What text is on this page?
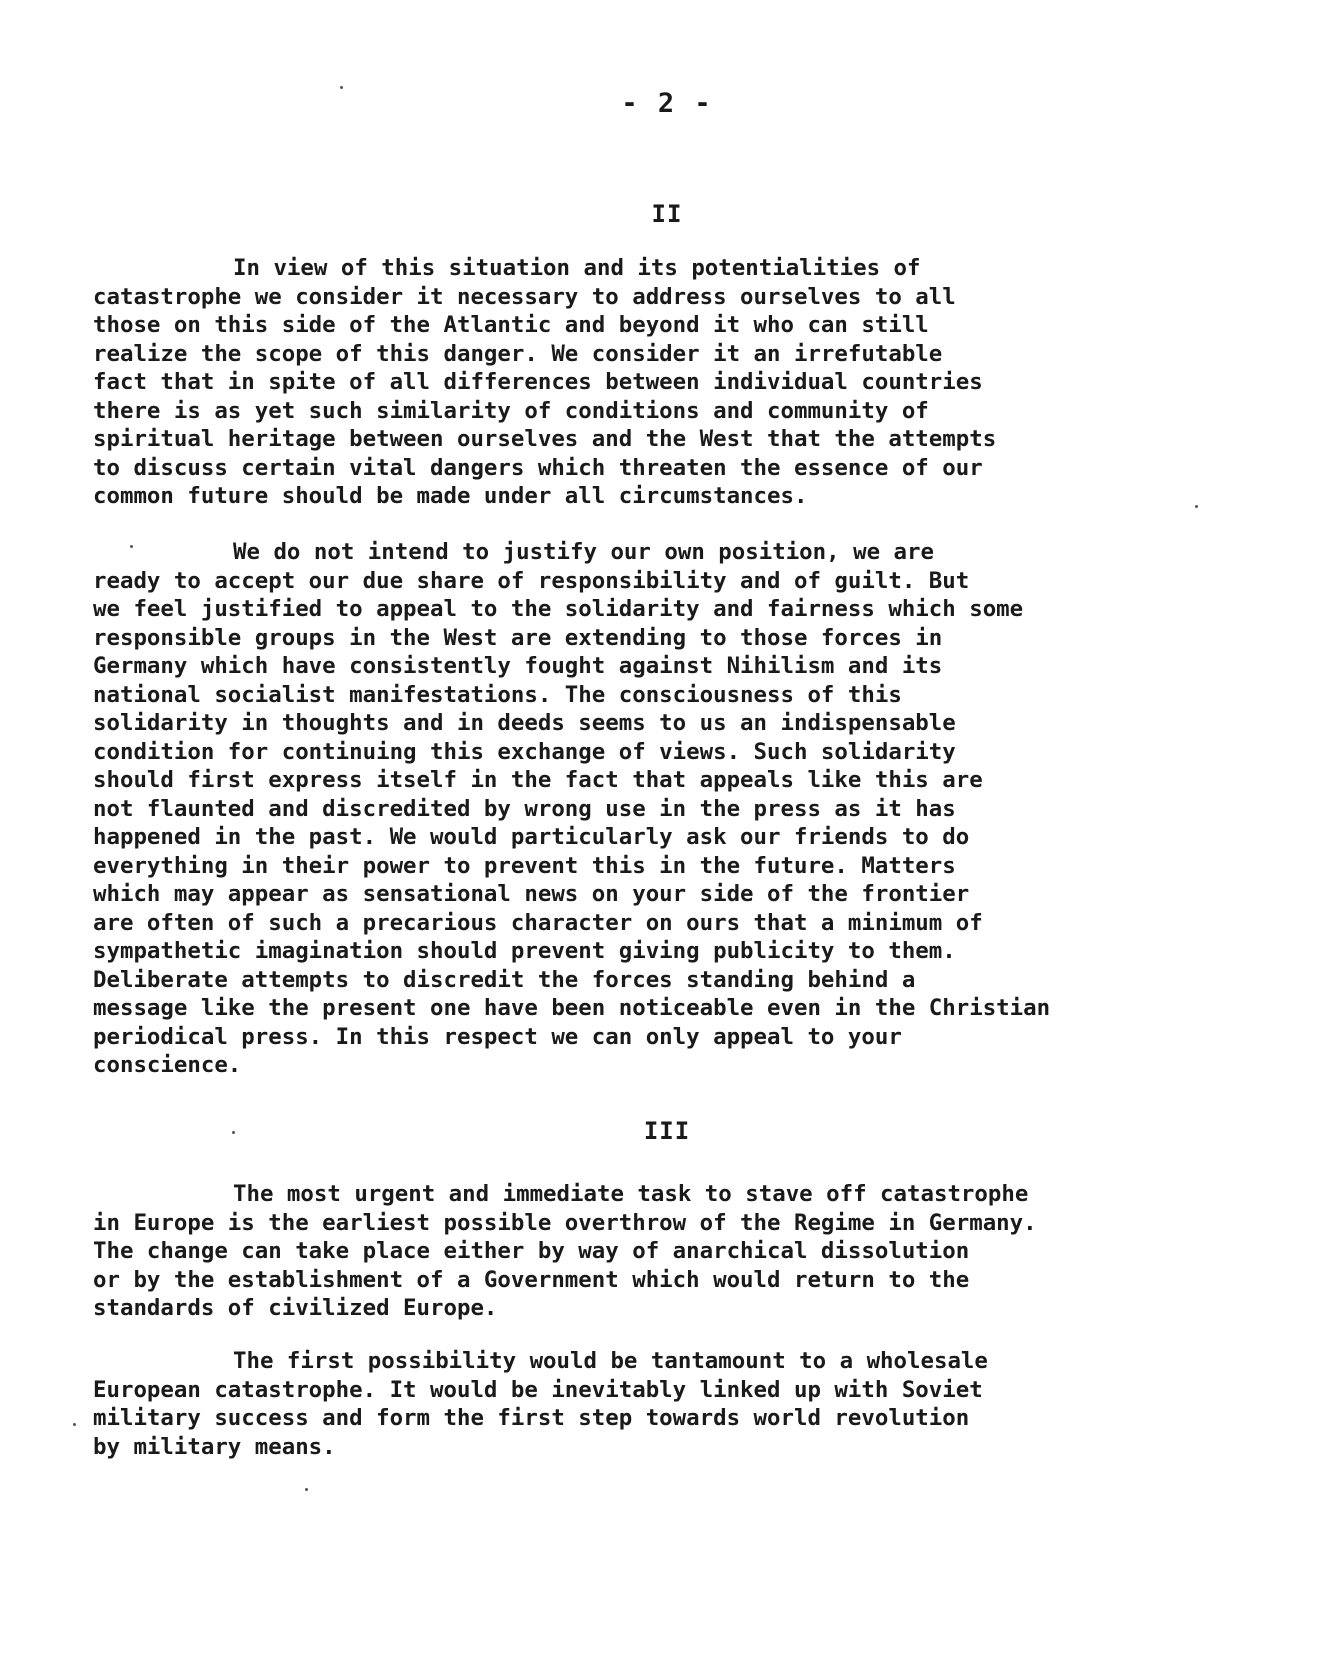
- 2 -
II
In view of this situation and its potentialities of
catastrophe we consider it necessary to address ourselves to all
those on this side of the Atlantic and beyond it who can still
realize the scope of this danger. We consider it an irrefutable
fact that in spite of all differences between individual countries
there is as yet such similarity of conditions and community of
spiritual heritage between ourselves and the West that the attempts
to discuss certain vital dangers which threaten the essence of our
common future should be made under all circumstances.
We do not intend to justify our own position, we are
ready to accept our due share of responsibility and of guilt. But
we feel justified to appeal to the solidarity and fairness which some
responsible groups in the West are extending to those forces in
Germany which have consistently fought against Nihilism and its
national socialist manifestations. The consciousness of this
solidarity in thoughts and in deeds seems to us an indispensable
condition for continuing this exchange of views. Such solidarity
should first express itself in the fact that appeals like this are
not flaunted and discredited by wrong use in the press as it has
happened in the past. We would particularly ask our friends to do
everything in their power to prevent this in the future. Matters
which may appear as sensational news on your side of the frontier
are often of such a precarious character on ours that a minimum of
sympathetic imagination should prevent giving publicity to them.
Deliberate attempts to discredit the forces standing behind a
message like the present one have been noticeable even in the Christian
periodical press. In this respect we can only appeal to your
conscience.
III
The most urgent and immediate task to stave off catastrophe
in Europe is the earliest possible overthrow of the Regime in Germany.
The change can take place either by way of anarchical dissolution
or by the establishment of a Government which would return to the
standards of civilized Europe.
The first possibility would be tantamount to a wholesale
European catastrophe. It would be inevitably linked up with Soviet
military success and form the first step towards world revolution
by military means.
